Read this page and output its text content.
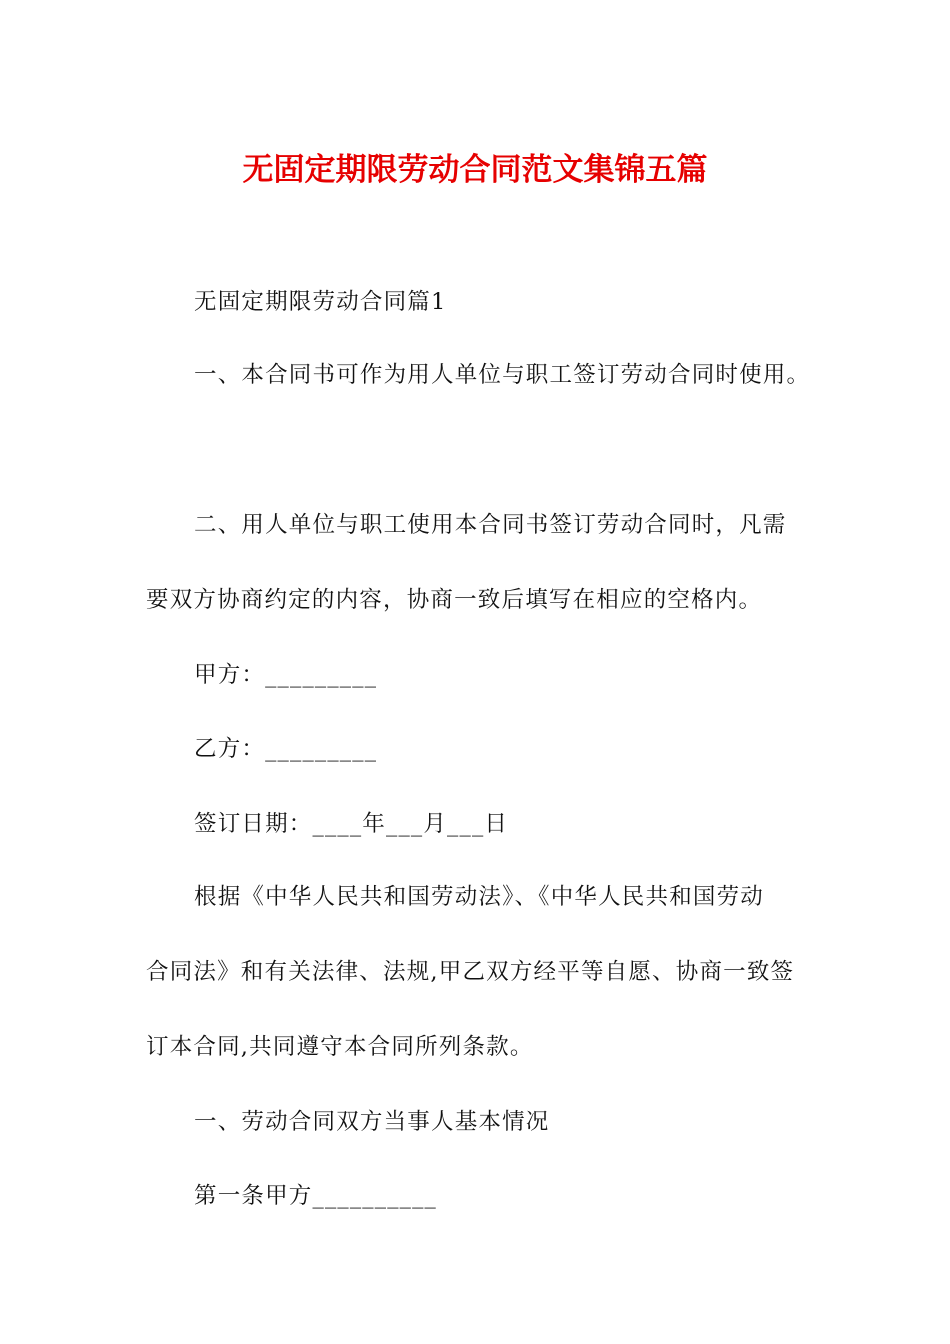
无固定期限劳动合同范文集锦五篇
无固定期限劳动合同篇1
一、本合同书可作为用人单位与职工签订劳动合同时使用。
二、用人单位与职工使用本合同书签订劳动合同时，凡需
要双方协商约定的内容，协商一致后填写在相应的空格内。
甲方：_________
乙方：_________
签订日期：____年___月___日
根据《中华人民共和国劳动法》、《中华人民共和国劳动
合同法》和有关法律、法规,甲乙双方经平等自愿、协商一致签
订本合同,共同遵守本合同所列条款。
一、劳动合同双方当事人基本情况
第一条甲方__________
